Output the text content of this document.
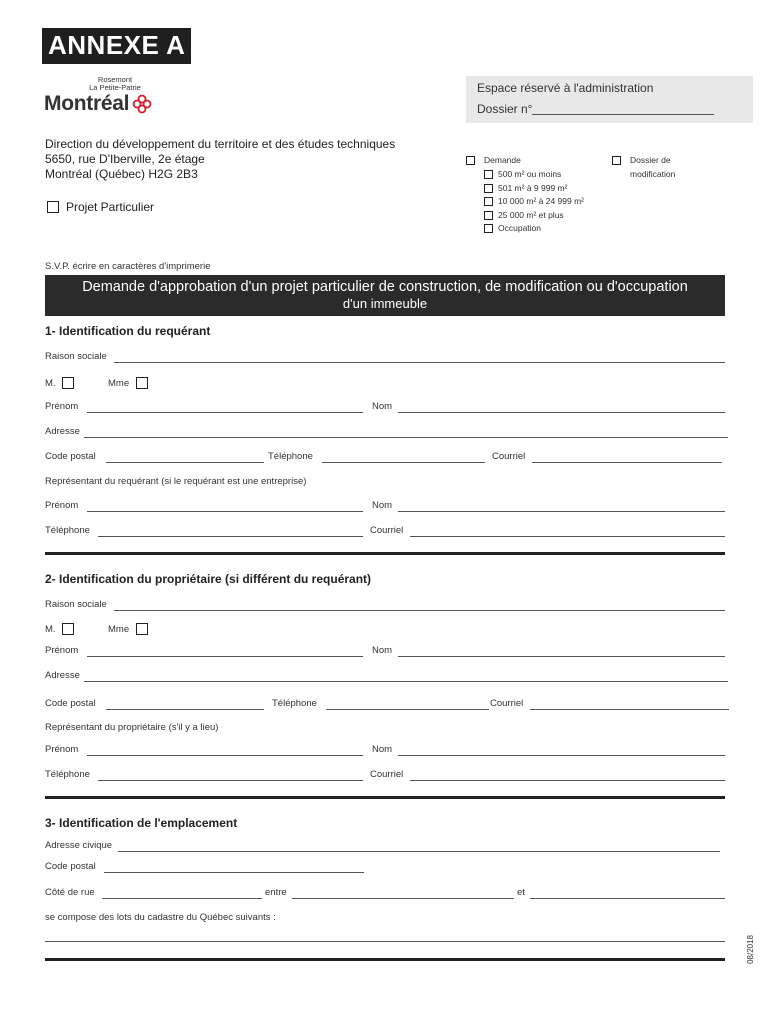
ANNEXE A
Rosemont
La Petite-Patrie
Montréal
Espace réservé à l'administration
Dossier n°
Direction du développement du territoire et des études techniques
5650, rue D'Iberville, 2e étage
Montréal (Québec) H2G 2B3
Projet Particulier
Demande
500 m² ou moins
501 m² à 9 999 m²
10 000 m² à 24 999 m²
25 000 m² et plus
Occupation
Dossier de
modification
S.V.P. écrire en caractères d'imprimerie
Demande d'approbation d'un projet particulier de construction, de modification ou d'occupation
d'un immeuble
1- Identification du requérant
Raison sociale
M.	Mme
Prénom	Nom
Adresse
Code postal	Téléphone	Courriel
Représentant du requérant (si le requérant est une entreprise)
Prénom	Nom
Téléphone	Courriel
2- Identification du propriétaire (si différent du requérant)
Raison sociale
M.	Mme
Prénom	Nom
Adresse
Code postal	Téléphone	Courriel
Représentant du propriétaire (s'il y a lieu)
Prénom	Nom
Téléphone	Courriel
3- Identification de l'emplacement
Adresse civique
Code postal
Côté de rue	entre	et
se compose des lots du cadastre du Québec suivants :
08/2018
